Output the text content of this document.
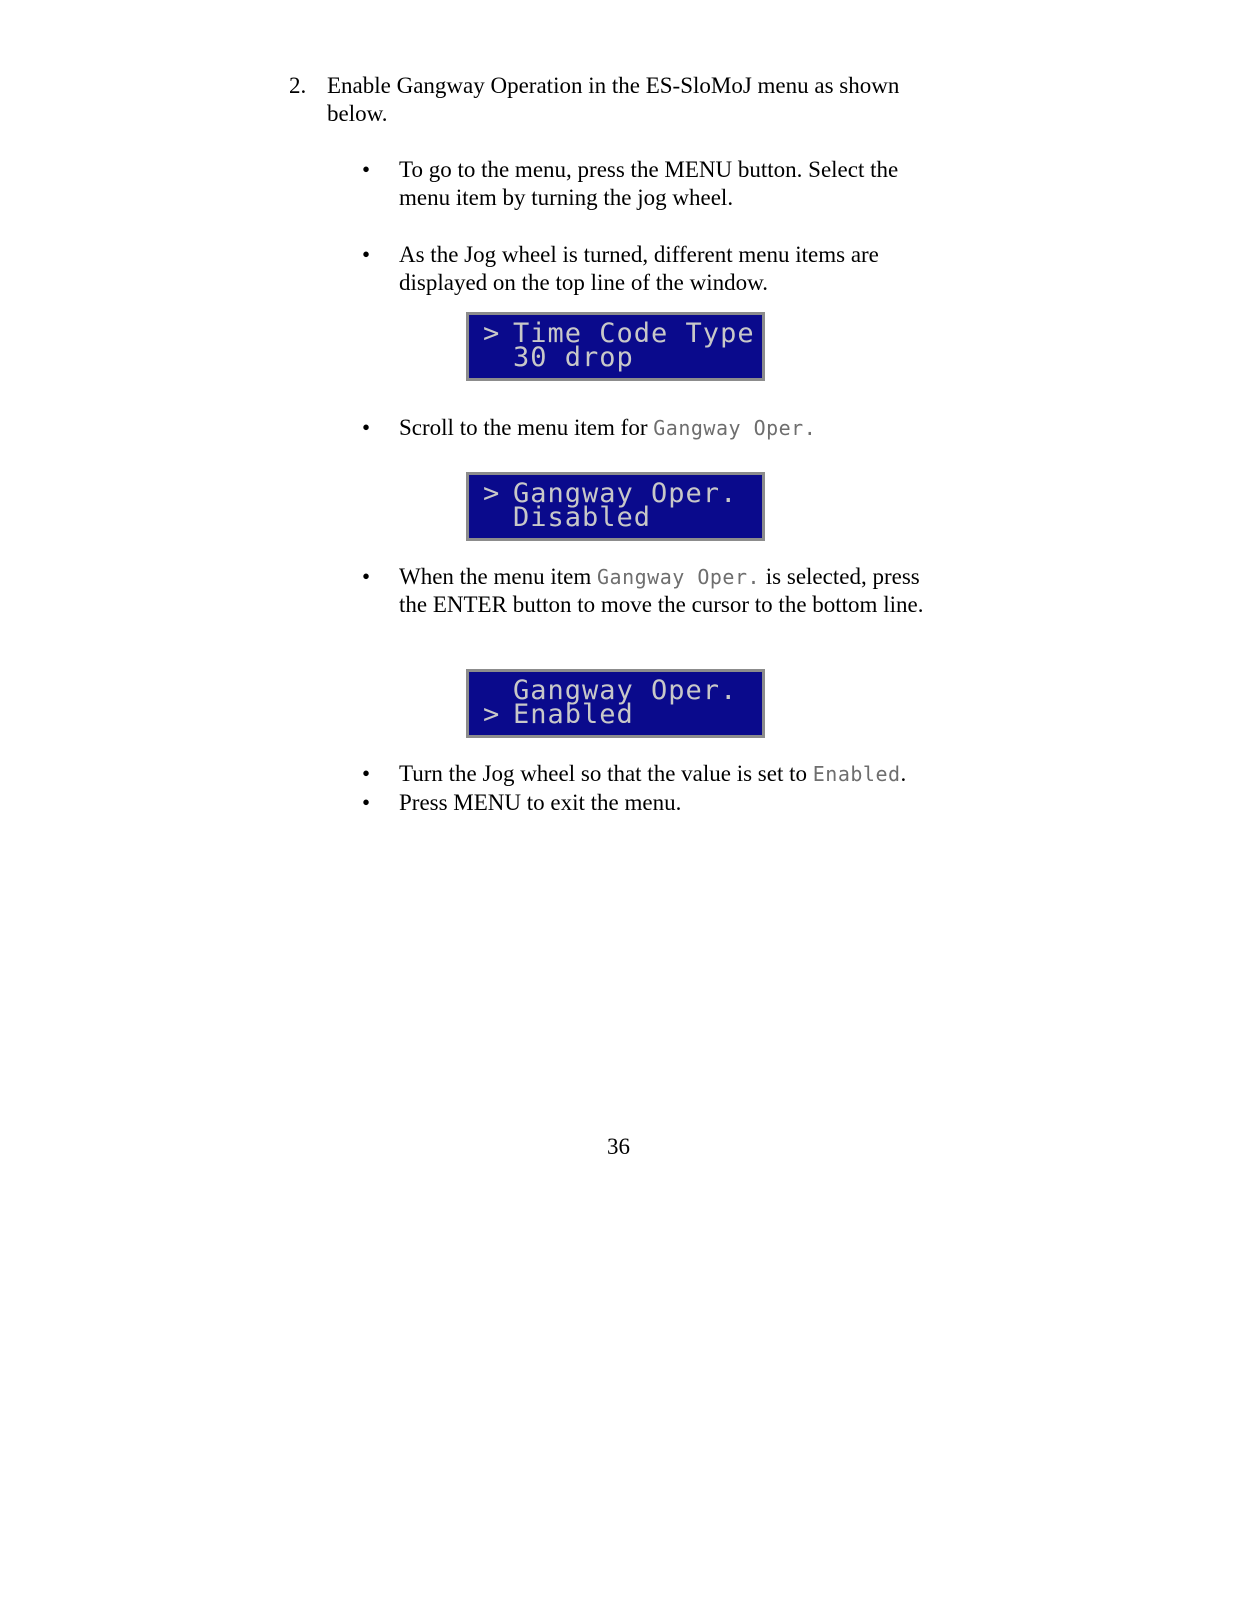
2. Enable Gangway Operation in the ES-SloMoJ menu as shown below.
• To go to the menu, press the MENU button. Select the menu item by turning the jog wheel.
• As the Jog wheel is turned, different menu items are displayed on the top line of the window.
> Time Code Type
30 drop
• Scroll to the menu item for Gangway Oper.
> Gangway Oper.
Disabled
• When the menu item Gangway Oper. is selected, press the ENTER button to move the cursor to the bottom line.
Gangway Oper.
> Enabled
• Turn the Jog wheel so that the value is set to Enabled.
• Press MENU to exit the menu.
36
